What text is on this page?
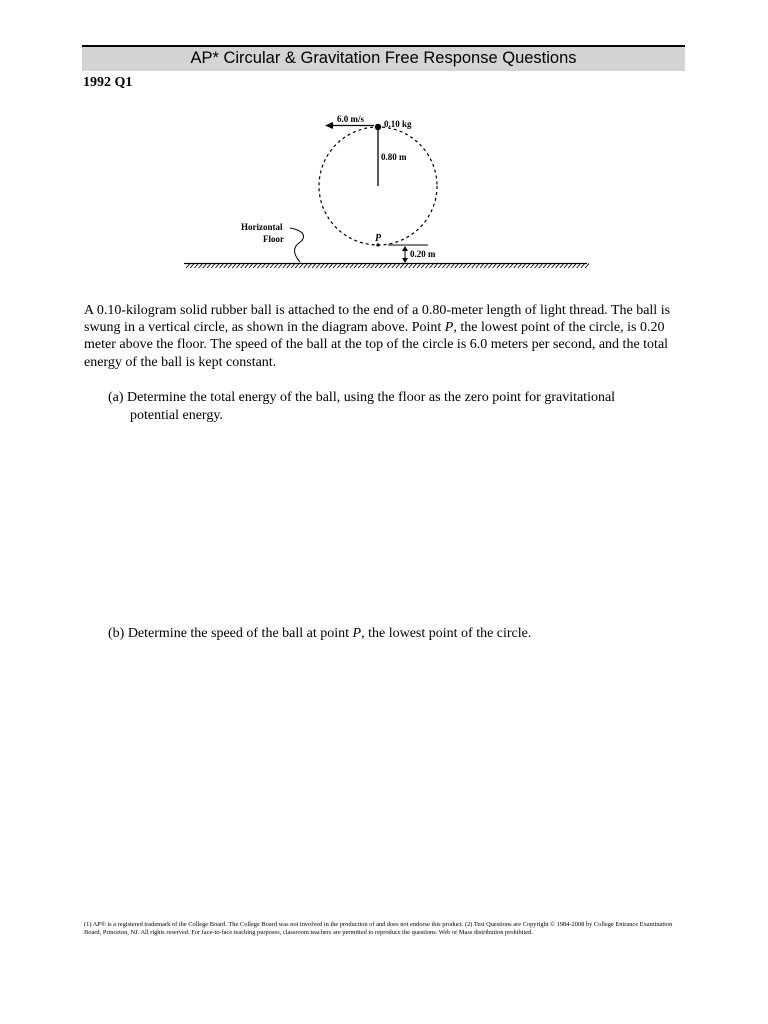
AP* Circular & Gravitation Free Response Questions
1992 Q1
6.0 m/s 0.10 kg
0.80 m
P
0.20 m
Horizontal
Floor
A 0.10-kilogram solid rubber ball is attached to the end of a 0.80-meter length of light thread. The ball is swung in a vertical circle, as shown in the diagram above. Point P, the lowest point of the circle, is 0.20 meter above the floor. The speed of the ball at the top of the circle is 6.0 meters per second, and the total energy of the ball is kept constant.
(a) Determine the total energy of the ball, using the floor as the zero point for gravitational
potential energy.
(b) Determine the speed of the ball at point P, the lowest point of the circle.
(1) AP® is a registered trademark of the College Board. The College Board was not involved in the production of and does not endorse this product. (2) Test Questions are Copyright © 1984-2008 by College Entrance Examination Board, Princeton, NJ. All rights reserved. For face-to-face teaching purposes, classroom teachers are permitted to reproduce the questions. Web or Mass distribution prohibited.
